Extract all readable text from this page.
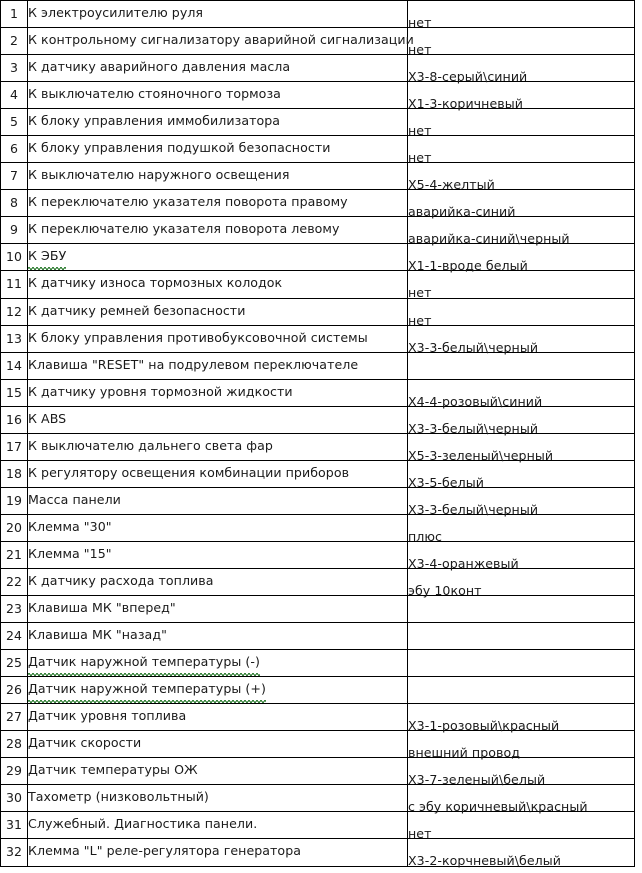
1	К электроусилителю руля	нет

2	К контрольному сигнализатору аварийной сигнализации	нет

3	К датчику аварийного давления масла	Х3-8-серый\синий

4	К выключателю стояночного тормоза	Х1-3-коричневый

5	К блоку управления иммобилизатора	нет

6	К блоку управления подушкой безопасности	нет

7	К выключателю наружного освещения	Х5-4-желтый

8	К переключателю указателя поворота правому	аварийка-синий

9	К переключателю указателя поворота левому	аварийка-синий\черный

10	К ЭБУ	Х1-1-вроде белый

11	К датчику износа тормозных колодок	нет

12	К датчику ремней безопасности	нет

13	К блоку управления противобуксовочной системы	Х3-3-белый\черный

14	Клавиша "RESET" на подрулевом переключателе	

15	К датчику уровня тормозной жидкости	Х4-4-розовый\синий

16	К ABS	Х3-3-белый\черный

17	К выключателю дальнего света фар	Х5-3-зеленый\черный

18	К регулятору освещения комбинации приборов	Х3-5-белый

19	Масса панели	Х3-3-белый\черный

20	Клемма "30"	плюс

21	Клемма "15"	Х3-4-оранжевый

22	К датчику расхода топлива	эбу 10конт

23	Клавиша МК "вперед"	

24	Клавиша МК "назад"	

25	Датчик наружной температуры (-)	

26	Датчик наружной температуры (+)	

27	Датчик уровня топлива	Х3-1-розовый\красный

28	Датчик скорости	внешний провод

29	Датчик температуры ОЖ	Х3-7-зеленый\белый

30	Тахометр (низковольтный)	с эбу коричневый\красный

31	Служебный. Диагностика панели.	нет

32	Клемма "L" реле-регулятора генератора	Х3-2-корчневый\белый
